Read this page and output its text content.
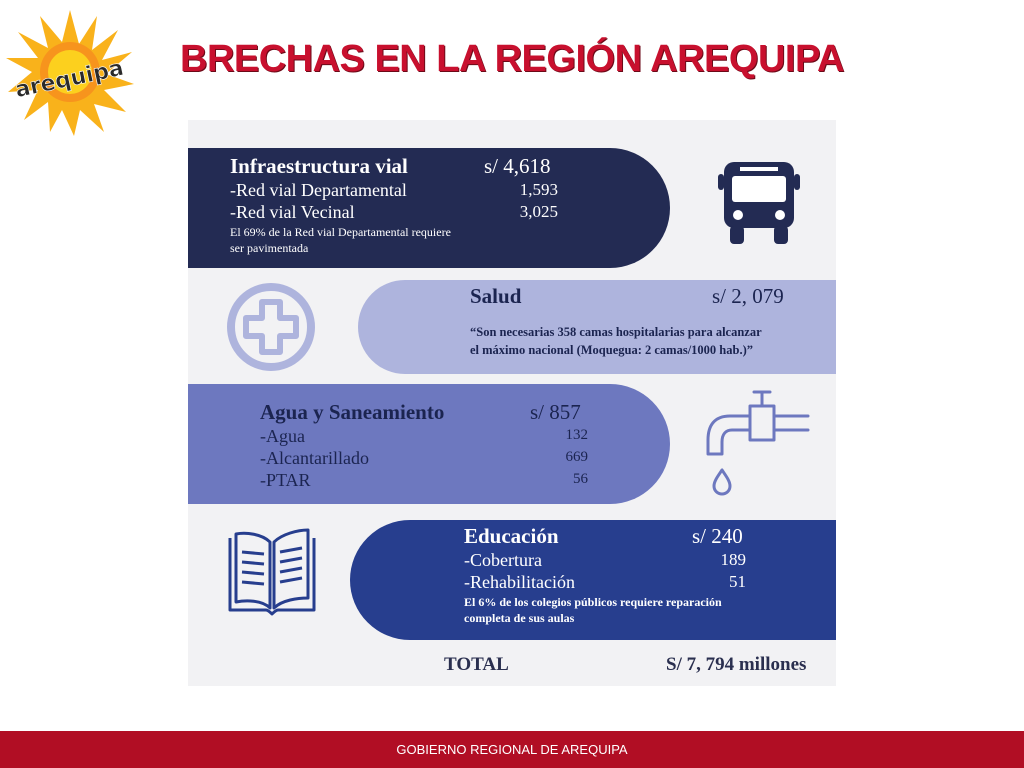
arequipa BRECHAS EN LA REGIÓN AREQUIPA
Infraestructura vial	s/ 4,618
-Red vial Departamental	1,593
-Red vial Vecinal	3,025
El 69% de la Red vial Departamental requiere
ser pavimentada
Salud	s/ 2, 079
“Son necesarias 358 camas hospitalarias para alcanzar
el máximo nacional (Moquegua: 2 camas/1000 hab.)”
Agua y Saneamiento	s/ 857
-Agua	132
-Alcantarillado	669
-PTAR	56
Educación	s/ 240
-Cobertura	189
-Rehabilitación	51
El 6% de los colegios públicos requiere reparación
completa de sus aulas
TOTAL	S/ 7, 794 millones
GOBIERNO REGIONAL DE AREQUIPA
